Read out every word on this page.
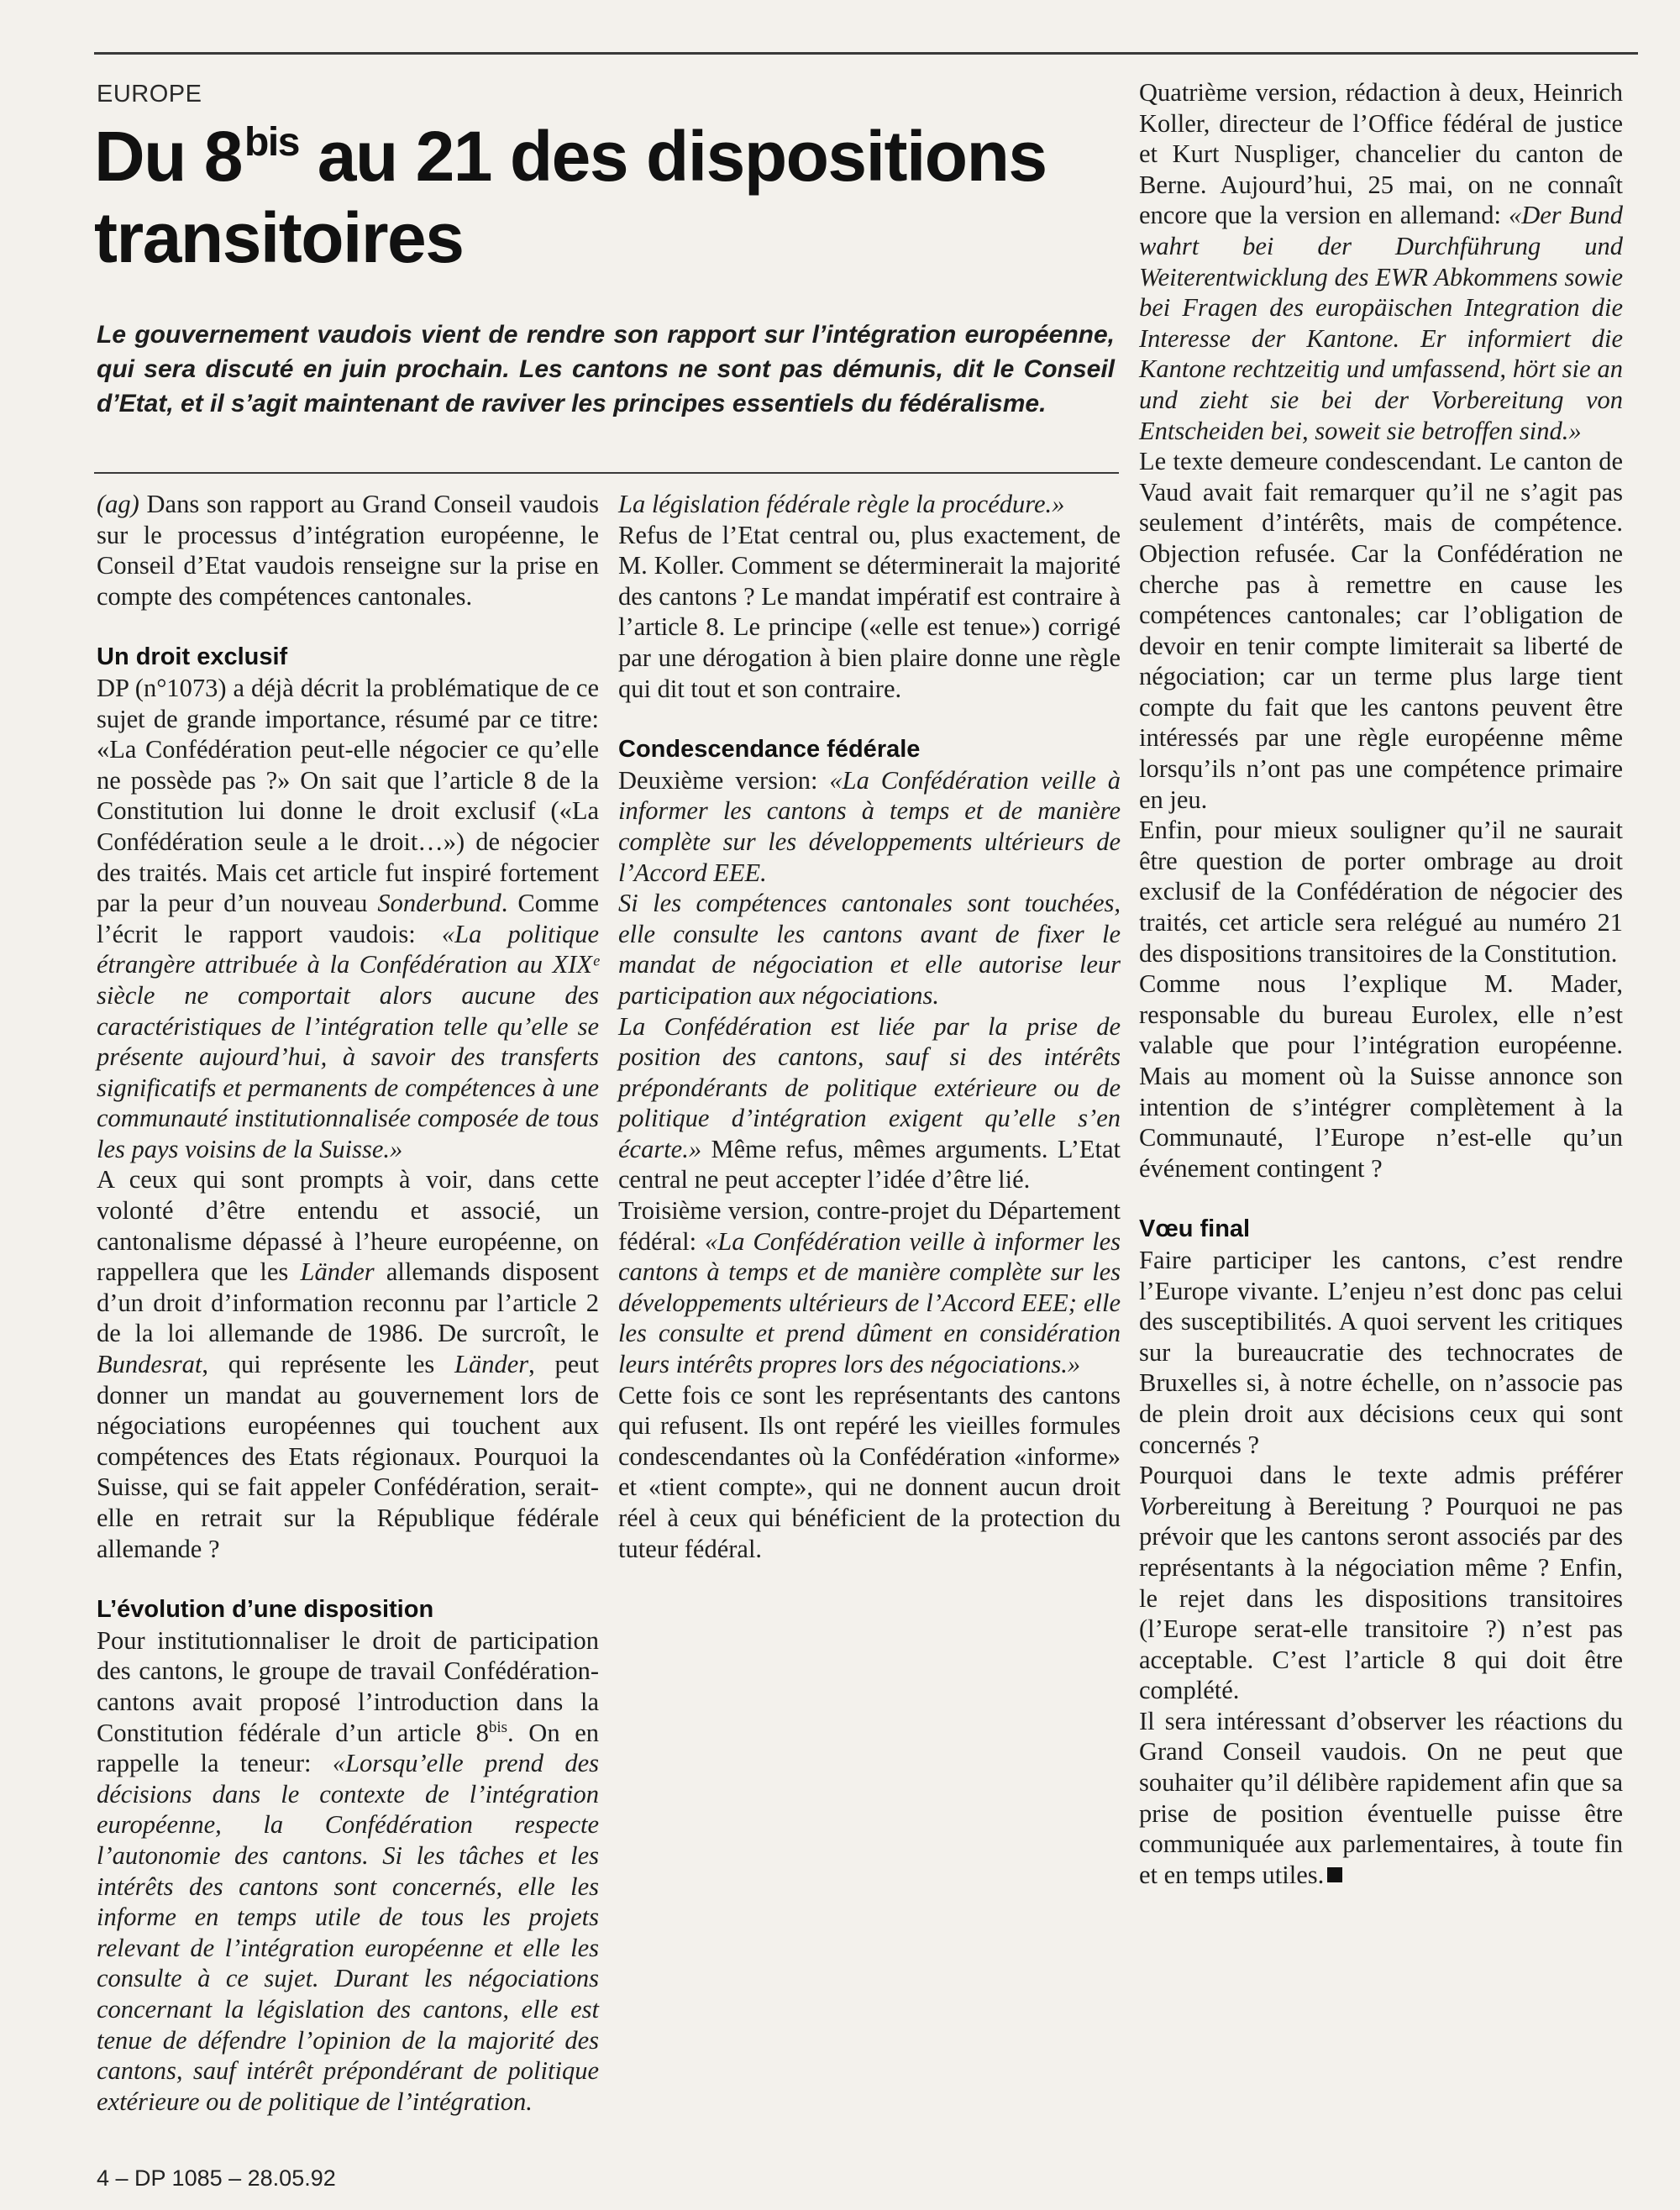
EUROPE
Du $8^{bis}$ au 21 des dispositions transitoires

Le gouvernement vaudois vient de rendre son rapport sur l’intégration européenne, qui sera discuté en juin prochain. Les cantons ne sont pas démunis, dit le Conseil d’Etat, et il s’agit maintenant de raviver les principes essentiels du fédéralisme.

(ag) Dans son rapport au Grand Conseil vaudois sur le processus d’intégration européenne, le Conseil d’Etat vaudois renseigne sur la prise en compte des compétences cantonales.

Un droit exclusif

DP (n°1073) a déjà décrit la problématique de ce sujet de grande importance, résumé par ce titre: «La Confédération peut-elle négocier ce qu’elle ne possède pas ?» On sait que l’article 8 de la Constitution lui donne le droit exclusif («La Confédération seule a le droit…») de négocier des traités. Mais cet article fut inspiré fortement par la peur d’un nouveau Sonderbund. Comme l’écrit le rapport vaudois: «La politique étrangère attribuée à la Confédération au XIXᵉ siècle ne comportait alors aucune des caractéristiques de l’intégration telle qu’elle se présente aujourd’hui, à savoir des transferts significatifs et permanents de compétences à une communauté institutionnalisée composée de tous les pays voisins de la Suisse.»

A ceux qui sont prompts à voir, dans cette volonté d’être entendu et associé, un cantonalisme dépassé à l’heure européenne, on rappellera que les Länder allemands disposent d’un droit d’information reconnu par l’article 2 de la loi allemande de 1986. De surcroît, le Bundesrat, qui représente les Länder, peut donner un mandat au gouvernement lors de négociations européennes qui touchent aux compétences des Etats régionaux. Pourquoi la Suisse, qui se fait appeler Confédération, serait-elle en retrait sur la République fédérale allemande ?

L’évolution d’une disposition

Pour institutionnaliser le droit de participation des cantons, le groupe de travail Confédération-cantons avait proposé l’introduction dans la Constitution fédérale d’un article $8^{bis}$. On en rappelle la teneur: «Lorsqu’elle prend des décisions dans le contexte de l’intégration européenne, la Confédération respecte l’autonomie des cantons. Si les tâches et les intérêts des cantons sont concernés, elle les informe en temps utile de tous les projets relevant de l’intégration européenne et elle les consulte à ce sujet. Durant les négociations concernant la législation des cantons, elle est tenue de défendre l’opinion de la majorité des cantons, sauf intérêt prépondérant de politique extérieure ou de politique de l’intégration.

La législation fédérale règle la procédure.»

Refus de l’Etat central ou, plus exactement, de M. Koller. Comment se déterminerait la majorité des cantons ? Le mandat impératif est contraire à l’article 8. Le principe («elle est tenue») corrigé par une dérogation à bien plaire donne une règle qui dit tout et son contraire.

Condescendance fédérale

Deuxième version: «La Confédération veille à informer les cantons à temps et de manière complète sur les développements ultérieurs de l’Accord EEE.

Si les compétences cantonales sont touchées, elle consulte les cantons avant de fixer le mandat de négociation et elle autorise leur participation aux négociations.

La Confédération est liée par la prise de position des cantons, sauf si des intérêts prépondérants de politique extérieure ou de politique d’intégration exigent qu’elle s’en écarte.» Même refus, mêmes arguments. L’Etat central ne peut accepter l’idée d’être lié.

Troisième version, contre-projet du Département fédéral: «La Confédération veille à informer les cantons à temps et de manière complète sur les développements ultérieurs de l’Accord EEE; elle les consulte et prend dûment en considération leurs intérêts propres lors des négociations.»

Cette fois ce sont les représentants des cantons qui refusent. Ils ont repéré les vieilles formules condescendantes où la Confédération «informe» et «tient compte», qui ne donnent aucun droit réel à ceux qui bénéficient de la protection du tuteur fédéral.

Quatrième version, rédaction à deux, Heinrich Koller, directeur de l’Office fédéral de justice et Kurt Nuspliger, chancelier du canton de Berne. Aujourd’hui, 25 mai, on ne connaît encore que la version en allemand: «Der Bund wahrt bei der Durchführung und Weiterentwicklung des EWR Abkommens sowie bei Fragen des europäischen Integration die Interesse der Kantone. Er informiert die Kantone rechtzeitig und umfassend, hört sie an und zieht sie bei der Vorbereitung von Entscheiden bei, soweit sie betroffen sind.»

Le texte demeure condescendant. Le canton de Vaud avait fait remarquer qu’il ne s’agit pas seulement d’intérêts, mais de compétence. Objection refusée. Car la Confédération ne cherche pas à remettre en cause les compétences cantonales; car l’obligation de devoir en tenir compte limiterait sa liberté de négociation; car un terme plus large tient compte du fait que les cantons peuvent être intéressés par une règle européenne même lorsqu’ils n’ont pas une compétence primaire en jeu.

Enfin, pour mieux souligner qu’il ne saurait être question de porter ombrage au droit exclusif de la Confédération de négocier des traités, cet article sera relégué au numéro 21 des dispositions transitoires de la Constitution.

Comme nous l’explique M. Mader, responsable du bureau Eurolex, elle n’est valable que pour l’intégration européenne. Mais au moment où la Suisse annonce son intention de s’intégrer complètement à la Communauté, l’Europe n’est-elle qu’un événement contingent ?

Vœu final

Faire participer les cantons, c’est rendre l’Europe vivante. L’enjeu n’est donc pas celui des susceptibilités. A quoi servent les critiques sur la bureaucratie des technocrates de Bruxelles si, à notre échelle, on n’associe pas de plein droit aux décisions ceux qui sont concernés ?

Pourquoi dans le texte admis préférer Vorbereitung à Bereitung ? Pourquoi ne pas prévoir que les cantons seront associés par des représentants à la négociation même ? Enfin, le rejet dans les dispositions transitoires (l’Europe serat-elle transitoire ?) n’est pas acceptable. C’est l’article 8 qui doit être complété.

Il sera intéressant d’observer les réactions du Grand Conseil vaudois. On ne peut que souhaiter qu’il délibère rapidement afin que sa prise de position éventuelle puisse être communiquée aux parlementaires, à toute fin et en temps utiles.

4 – DP 1085 – 28.05.92
